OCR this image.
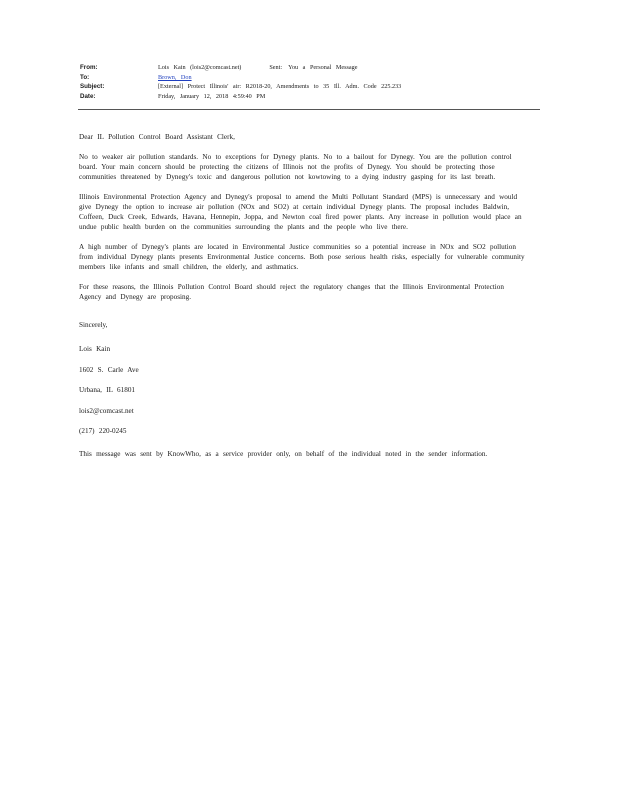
From:	Lois Kain (lois2@comcast.net)	Sent: You a Personal Message
To:	Brown, Don
Subject:	[External] Protect Illinois' air: R2018-20, Amendments to 35 Ill. Adm. Code 225.233
Date:	Friday, January 12, 2018 4:59:40 PM

Dear IL Pollution Control Board Assistant Clerk,

No to weaker air pollution standards. No to exceptions for Dynegy plants. No to a bailout for Dynegy. You are the pollution control board. Your main concern should be protecting the citizens of Illinois not the profits of Dynegy. You should be protecting those communities threatened by Dynegy's toxic and dangerous pollution not kowtowing to a dying industry gasping for its last breath.

Illinois Environmental Protection Agency and Dynegy's proposal to amend the Multi Pollutant Standard (MPS) is unnecessary and would give Dynegy the option to increase air pollution (NOx and SO2) at certain individual Dynegy plants. The proposal includes Baldwin, Coffeen, Duck Creek, Edwards, Havana, Hennepin, Joppa, and Newton coal fired power plants. Any increase in pollution would place an undue public health burden on the communities surrounding the plants and the people who live there.

A high number of Dynegy's plants are located in Environmental Justice communities so a potential increase in NOx and SO2 pollution from individual Dynegy plants presents Environmental Justice concerns. Both pose serious health risks, especially for vulnerable community members like infants and small children, the elderly, and asthmatics.

For these reasons, the Illinois Pollution Control Board should reject the regulatory changes that the Illinois Environmental Protection Agency and Dynegy are proposing.

Sincerely,

Lois Kain

1602 S. Carle Ave

Urbana, IL 61801

lois2@comcast.net

(217) 220-0245

This message was sent by KnowWho, as a service provider only, on behalf of the individual noted in the sender information.
